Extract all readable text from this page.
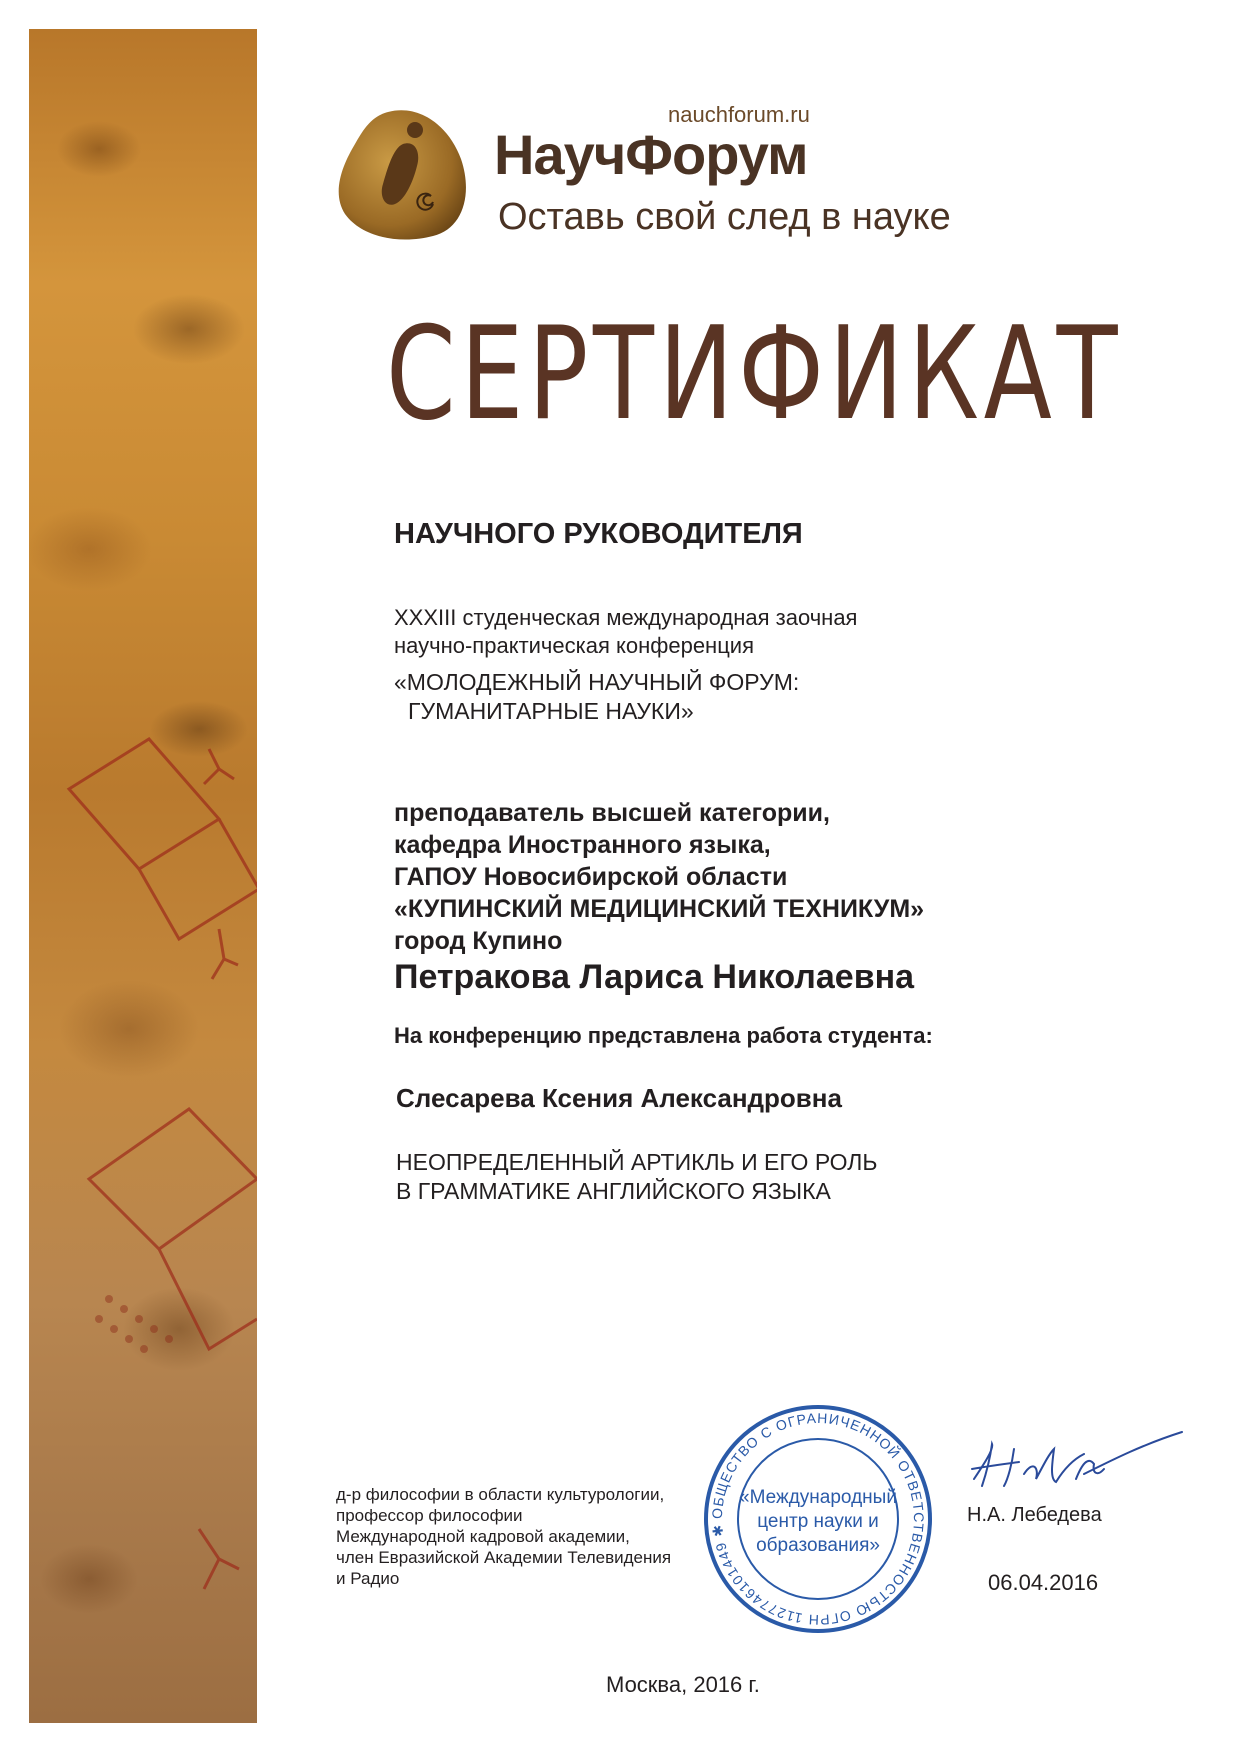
nauchforum.ru
НаучФорум
Оставь свой след в науке
СЕРТИФИКАТ
НАУЧНОГО РУКОВОДИТЕЛЯ
XXXIII студенческая международная заочная
научно-практическая конференция
«МОЛОДЕЖНЫЙ НАУЧНЫЙ ФОРУМ:
ГУМАНИТАРНЫЕ НАУКИ»
преподаватель высшей категории,
кафедра Иностранного языка,
ГАПОУ Новосибирской области
«КУПИНСКИЙ МЕДИЦИНСКИЙ ТЕХНИКУМ»
город Купино
Петракова Лариса Николаевна
На конференцию представлена работа студента:
Слесарева Ксения Александровна
НЕОПРЕДЕЛЕННЫЙ АРТИКЛЬ И ЕГО РОЛЬ
В ГРАММАТИКЕ АНГЛИЙСКОГО ЯЗЫКА
д-р философии в области культурологии,
профессор философии
Международной кадровой академии,
член Евразийской Академии Телевидения
и Радио
ОБЩЕСТВО С ОГРАНИЧЕННОЙ ОТВЕТСТВЕННОСТЬЮ ОГРН 1127746101449 ✱
«Международный
центр науки и
образования»
Н.А. Лебедева
06.04.2016
Москва, 2016 г.
